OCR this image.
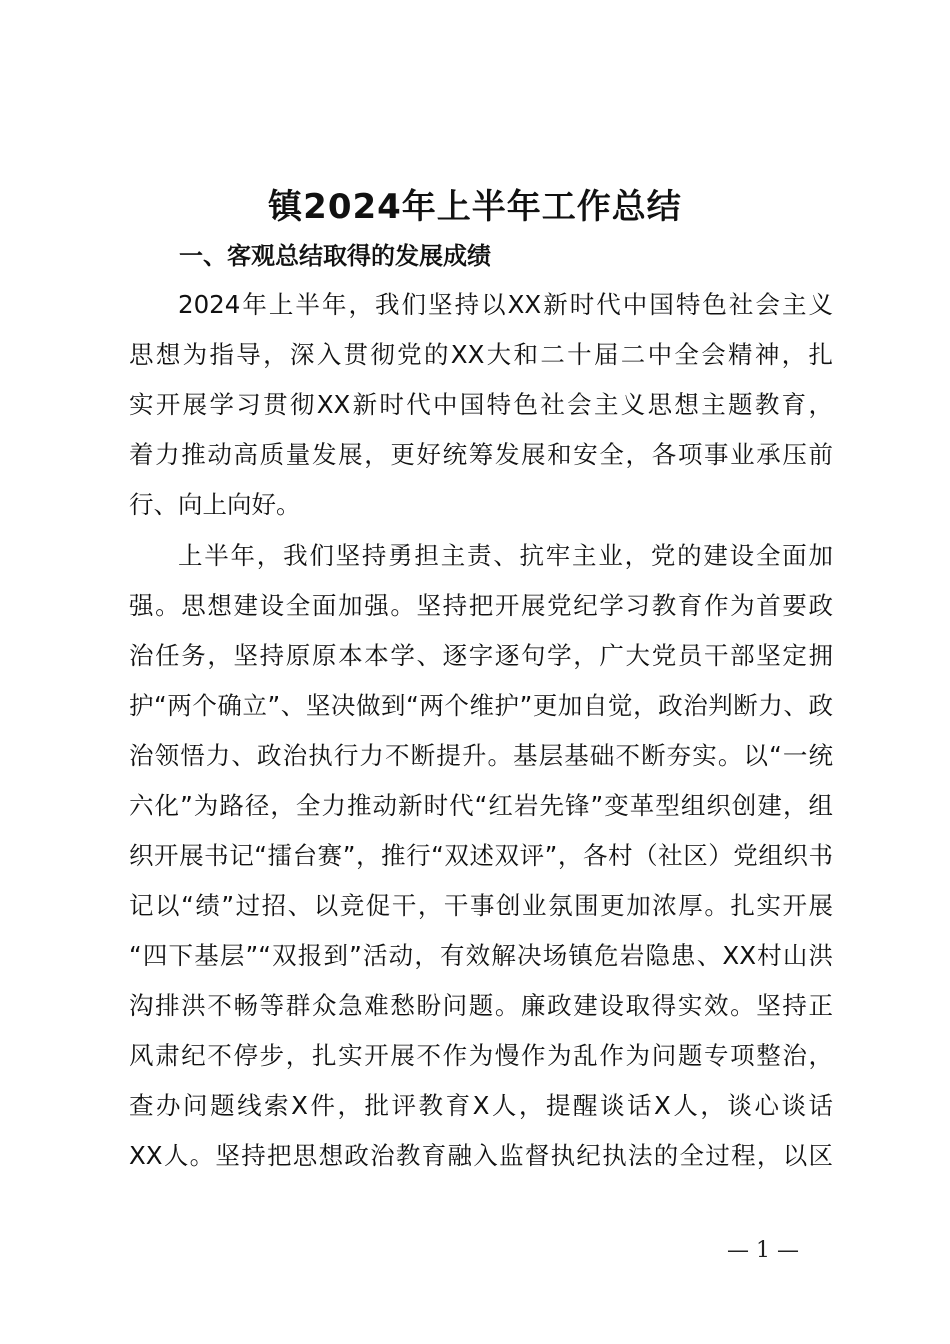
镇2024年上半年工作总结
一、客观总结取得的发展成绩
2024年上半年，我们坚持以XX新时代中国特色社会主义
思想为指导，深入贯彻党的XX大和二十届二中全会精神，扎
实开展学习贯彻XX新时代中国特色社会主义思想主题教育，
着力推动高质量发展，更好统筹发展和安全，各项事业承压前
行、向上向好。
上半年，我们坚持勇担主责、抗牢主业，党的建设全面加
强。思想建设全面加强。坚持把开展党纪学习教育作为首要政
治任务，坚持原原本本学、逐字逐句学，广大党员干部坚定拥
护“两个确立”、坚决做到“两个维护”更加自觉，政治判断力、政
治领悟力、政治执行力不断提升。基层基础不断夯实。以“一统
六化”为路径，全力推动新时代“红岩先锋”变革型组织创建，组
织开展书记“擂台赛”，推行“双述双评”，各村（社区）党组织书
记以“绩”过招、以竞促干，干事创业氛围更加浓厚。扎实开展
“四下基层”“双报到”活动，有效解决场镇危岩隐患、XX村山洪
沟排洪不畅等群众急难愁盼问题。廉政建设取得实效。坚持正
风肃纪不停步，扎实开展不作为慢作为乱作为问题专项整治，
查办问题线索X件，批评教育X人，提醒谈话X人，谈心谈话
XX人。坚持把思想政治教育融入监督执纪执法的全过程，以区
— 1 —
